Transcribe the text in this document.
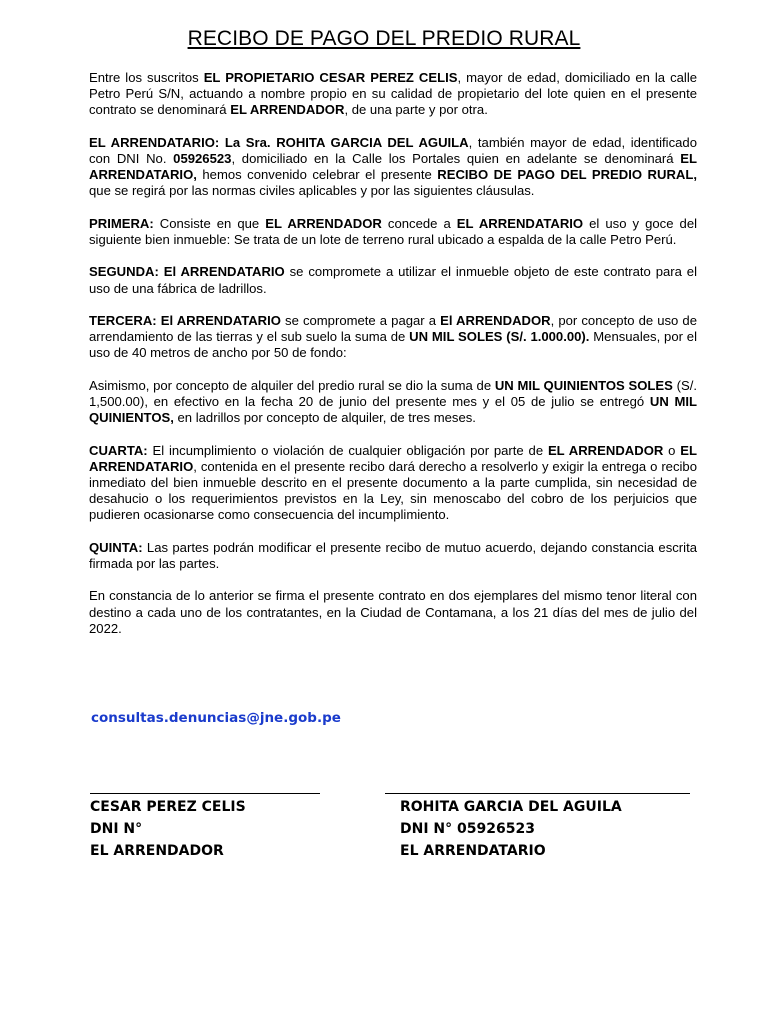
RECIBO DE PAGO DEL PREDIO RURAL

Entre los suscritos EL PROPIETARIO CESAR PEREZ CELIS, mayor de edad, domiciliado en la calle Petro Perú S/N, actuando a nombre propio en su calidad de propietario del lote quien en el presente contrato se denominará EL ARRENDADOR, de una parte y por otra.

EL ARRENDATARIO: La Sra. ROHITA GARCIA DEL AGUILA, también mayor de edad, identificado con DNI No. 05926523, domiciliado en la Calle los Portales quien en adelante se denominará EL ARRENDATARIO, hemos convenido celebrar el presente RECIBO DE PAGO DEL PREDIO RURAL, que se regirá por las normas civiles aplicables y por las siguientes cláusulas.

PRIMERA: Consiste en que EL ARRENDADOR concede a EL ARRENDATARIO el uso y goce del siguiente bien inmueble: Se trata de un lote de terreno rural ubicado a espalda de la calle Petro Perú.

SEGUNDA: El ARRENDATARIO se compromete a utilizar el inmueble objeto de este contrato para el uso de una fábrica de ladrillos.

TERCERA: El ARRENDATARIO se compromete a pagar a El ARRENDADOR, por concepto de uso de arrendamiento de las tierras y el sub suelo la suma de UN MIL SOLES (S/. 1.000.00). Mensuales, por el uso de 40 metros de ancho por 50 de fondo:

Asimismo, por concepto de alquiler del predio rural se dio la suma de UN MIL QUINIENTOS SOLES (S/. 1,500.00), en efectivo en la fecha 20 de junio del presente mes y el 05 de julio se entregó UN MIL QUINIENTOS, en ladrillos por concepto de alquiler, de tres meses.

CUARTA: El incumplimiento o violación de cualquier obligación por parte de EL ARRENDADOR o EL ARRENDATARIO, contenida en el presente recibo dará derecho a resolverlo y exigir la entrega o recibo inmediato del bien inmueble descrito en el presente documento a la parte cumplida, sin necesidad de desahucio o los requerimientos previstos en la Ley, sin menoscabo del cobro de los perjuicios que pudieren ocasionarse como consecuencia del incumplimiento.

QUINTA: Las partes podrán modificar el presente recibo de mutuo acuerdo, dejando constancia escrita firmada por las partes.

En constancia de lo anterior se firma el presente contrato en dos ejemplares del mismo tenor literal con destino a cada uno de los contratantes, en la Ciudad de Contamana, a los 21 días del mes de julio del 2022.

consultas.denuncias@jne.gob.pe
CESAR PEREZ CELIS
DNI N°
EL ARRENDADOR
ROHITA GARCIA DEL AGUILA
DNI N° 05926523
EL ARRENDATARIO
